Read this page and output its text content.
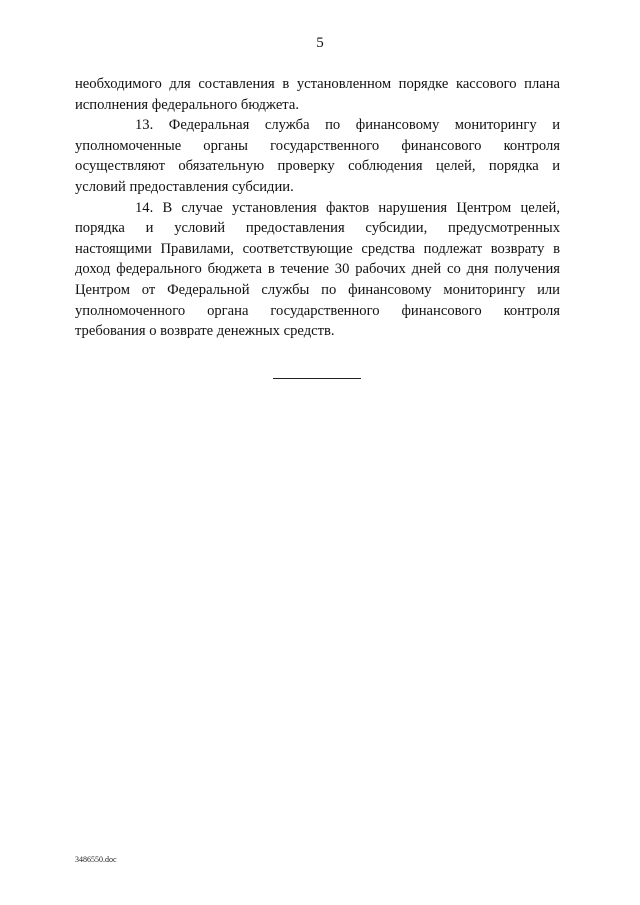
5
необходимого для составления в установленном порядке кассового плана
исполнения федерального бюджета.
13. Федеральная служба по финансовому мониторингу и
уполномоченные органы государственного финансового контроля
осуществляют обязательную проверку соблюдения целей, порядка и
условий предоставления субсидии.
14. В случае установления фактов нарушения Центром целей,
порядка и условий предоставления субсидии, предусмотренных
настоящими Правилами, соответствующие средства подлежат возврату в
доход федерального бюджета в течение 30 рабочих дней со дня получения
Центром от Федеральной службы по финансовому мониторингу или
уполномоченного органа государственного финансового контроля
требования о возврате денежных средств.
3486550.doc
